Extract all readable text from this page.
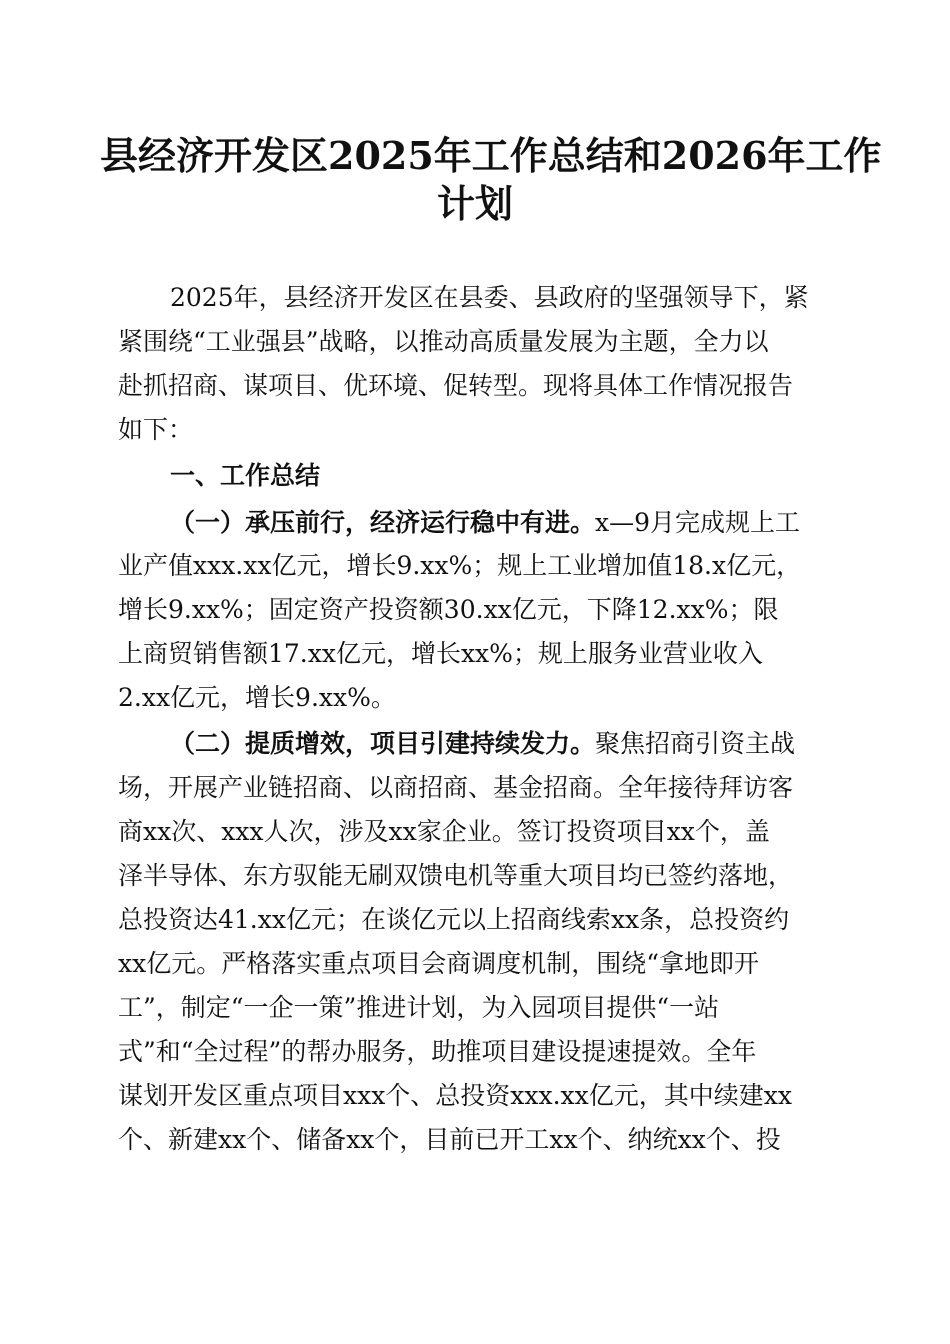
县经济开发区2025年工作总结和2026年工作
计划
2025年，县经济开发区在县委、县政府的坚强领导下，紧
紧围绕“工业强县”战略，以推动高质量发展为主题，全力以
赴抓招商、谋项目、优环境、促转型。现将具体工作情况报告
如下：
一、工作总结
（一）承压前行，经济运行稳中有进。x—9月完成规上工
业产值xxx.xx亿元，增长9.xx%；规上工业增加值18.x亿元，
增长9.xx%；固定资产投资额30.xx亿元，下降12.xx%；限
上商贸销售额17.xx亿元，增长xx%；规上服务业营业收入
2.xx亿元，增长9.xx%。
（二）提质增效，项目引建持续发力。聚焦招商引资主战
场，开展产业链招商、以商招商、基金招商。全年接待拜访客
商xx次、xxx人次，涉及xx家企业。签订投资项目xx个，盖
泽半导体、东方驭能无刷双馈电机等重大项目均已签约落地，
总投资达41.xx亿元；在谈亿元以上招商线索xx条，总投资约
xx亿元。严格落实重点项目会商调度机制，围绕“拿地即开
工”，制定“一企一策”推进计划，为入园项目提供“一站
式”和“全过程”的帮办服务，助推项目建设提速提效。全年
谋划开发区重点项目xxx个、总投资xxx.xx亿元，其中续建xx
个、新建xx个、储备xx个，目前已开工xx个、纳统xx个、投
